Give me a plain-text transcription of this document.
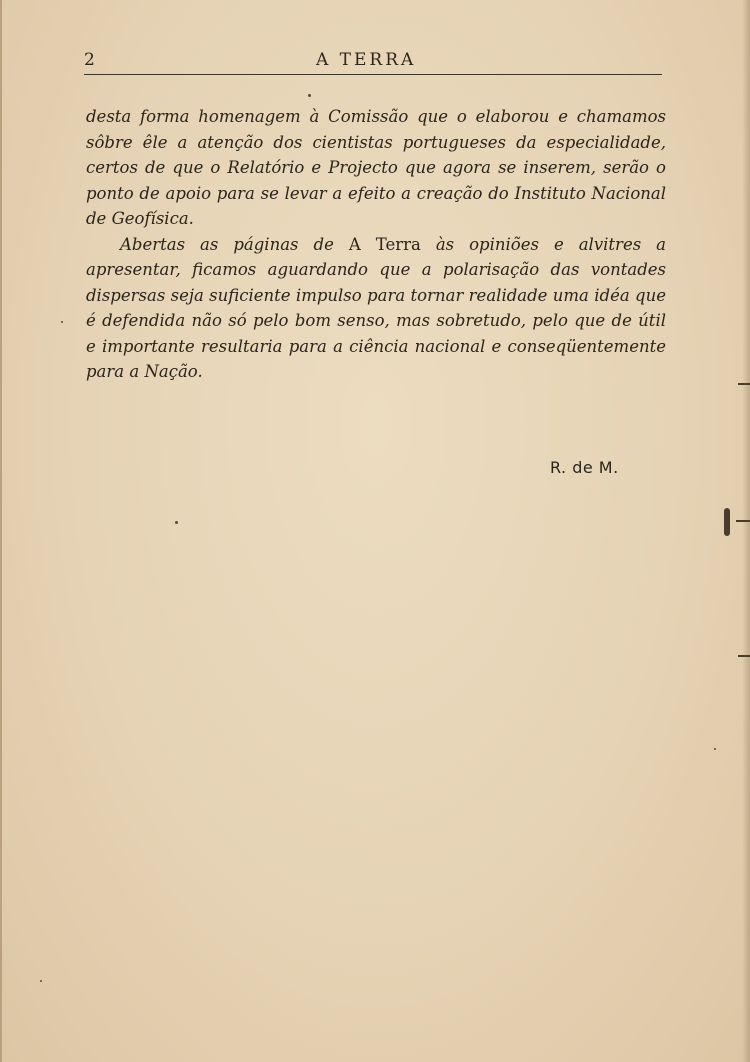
2	A TERRA

desta forma homenagem à Comissão que o elaborou e chamamos sôbre êle a atenção dos cientistas portugueses da especialidade, certos de que o Relatório e Projecto que agora se inserem, serão o ponto de apoio para se levar a efeito a creação do Instituto Nacional de Geofísica.

Abertas as páginas de A Terra às opiniões e alvitres a apresentar, ficamos aguardando que a polarisação das vontades dispersas seja suficiente impulso para tornar realidade uma idéa que é defendida não só pelo bom senso, mas sobretudo, pelo que de útil e importante resultaria para a ciência nacional e conseqüentemente para a Nação.

R. de M.
